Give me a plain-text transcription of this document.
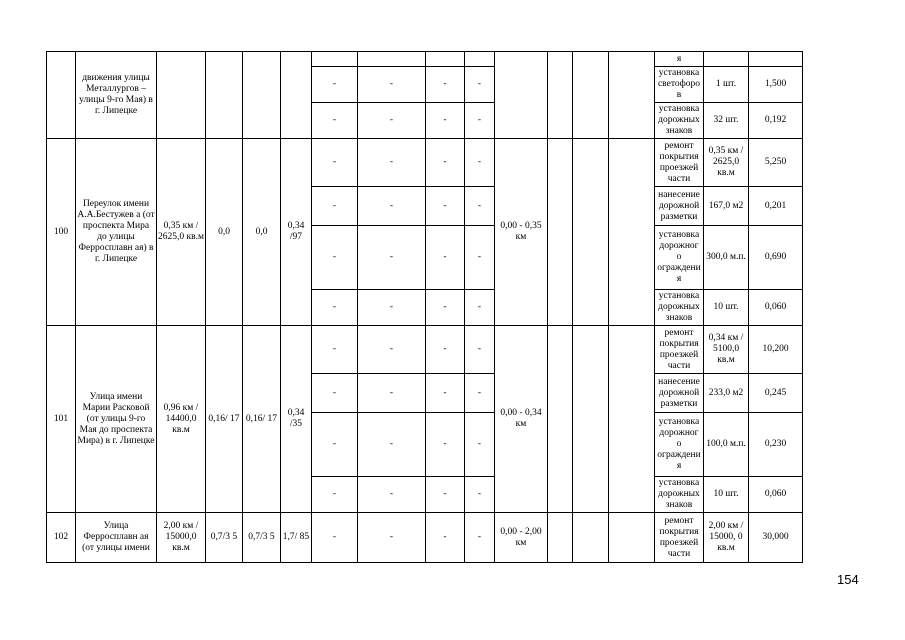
	движения улицы Металлургов – улицы 9-го Мая) в г. Липецке													я		
						-	-	-	-					установка светофоро в	1 шт.	1,500
						-	-	-	-					установка дорожных знаков	32 шт.	0,192
100	Переулок имени А.А.Бестужев а (от проспекта Мира до улицы Ферросплавн ая) в г. Липецке	0,35 км / 2625,0 кв.м	0,0	0,0	0,34 /97	-	-	-	-	0,00 - 0,35 км				ремонт покрытия проезжей части	0,35 км / 2625,0 кв.м	5,250
						-	-	-	-					нанесение дорожной разметки	167,0 м2	0,201
						-	-	-	-					установка дорожног о ограждени я	300,0 м.п.	0,690
						-	-	-	-					установка дорожных знаков	10 шт.	0,060
101	Улица имени Марии Расковой (от улицы 9-го Мая до проспекта Мира) в г. Липецке	0,96 км / 14400,0 кв.м	0,16/ 17	0,16/ 17	0,34 /35	-	-	-	-	0,00 - 0,34 км				ремонт покрытия проезжей части	0,34 км / 5100,0 кв.м	10,200
						-	-	-	-					нанесение дорожной разметки	233,0 м2	0,245
						-	-	-	-					установка дорожног о ограждени я	100,0 м.п.	0,230
						-	-	-	-					установка дорожных знаков	10 шт.	0,060
102	Улица Ферросплавн ая (от улицы имени	2,00 км / 15000,0 кв.м	0,7/3 5	0,7/3 5	1,7/ 85	-	-	-	-	0,00 - 2,00 км				ремонт покрытия проезжей части	2,00 км / 15000, 0 кв.м	30,000
154
